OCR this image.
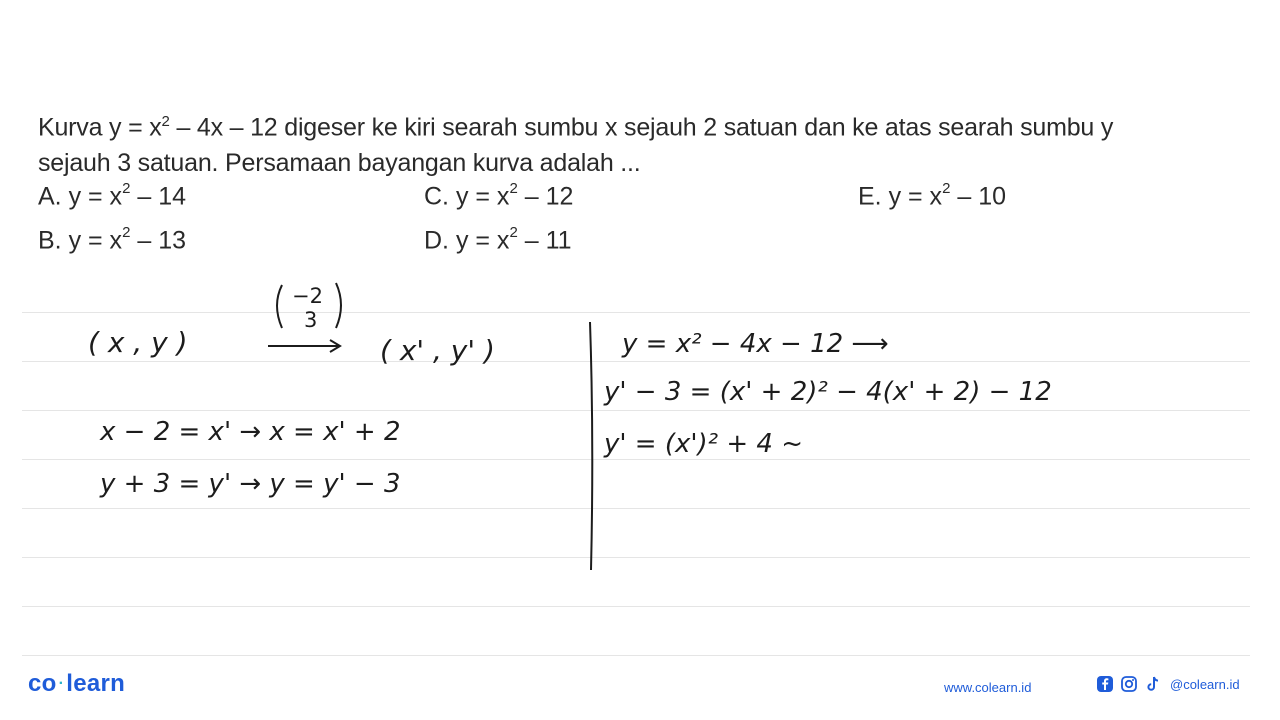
Kurva $y = x^2 - 4x - 12$ digeser ke kiri searah sumbu x sejauh 2 satuan dan ke atas searah sumbu y

sejauh 3 satuan. Persamaan bayangan kurva adalah ...

A. $y = x^2 - 14$
B. $y = x^2 - 13$
C. $y = x^2 - 12$
D. $y = x^2 - 11$
E. $y = x^2 - 10$
−2
3
( x , y )	( x' , y' )
x − 2 = x' → x = x' + 2
y + 3 = y' → y = y' − 3
y = x² − 4x − 12 ⟶
y' − 3 = (x' + 2)² − 4(x' + 2) − 12
y' = (x')² + 4 ~
co ·learn	www.colearn.id	@colearn.id
